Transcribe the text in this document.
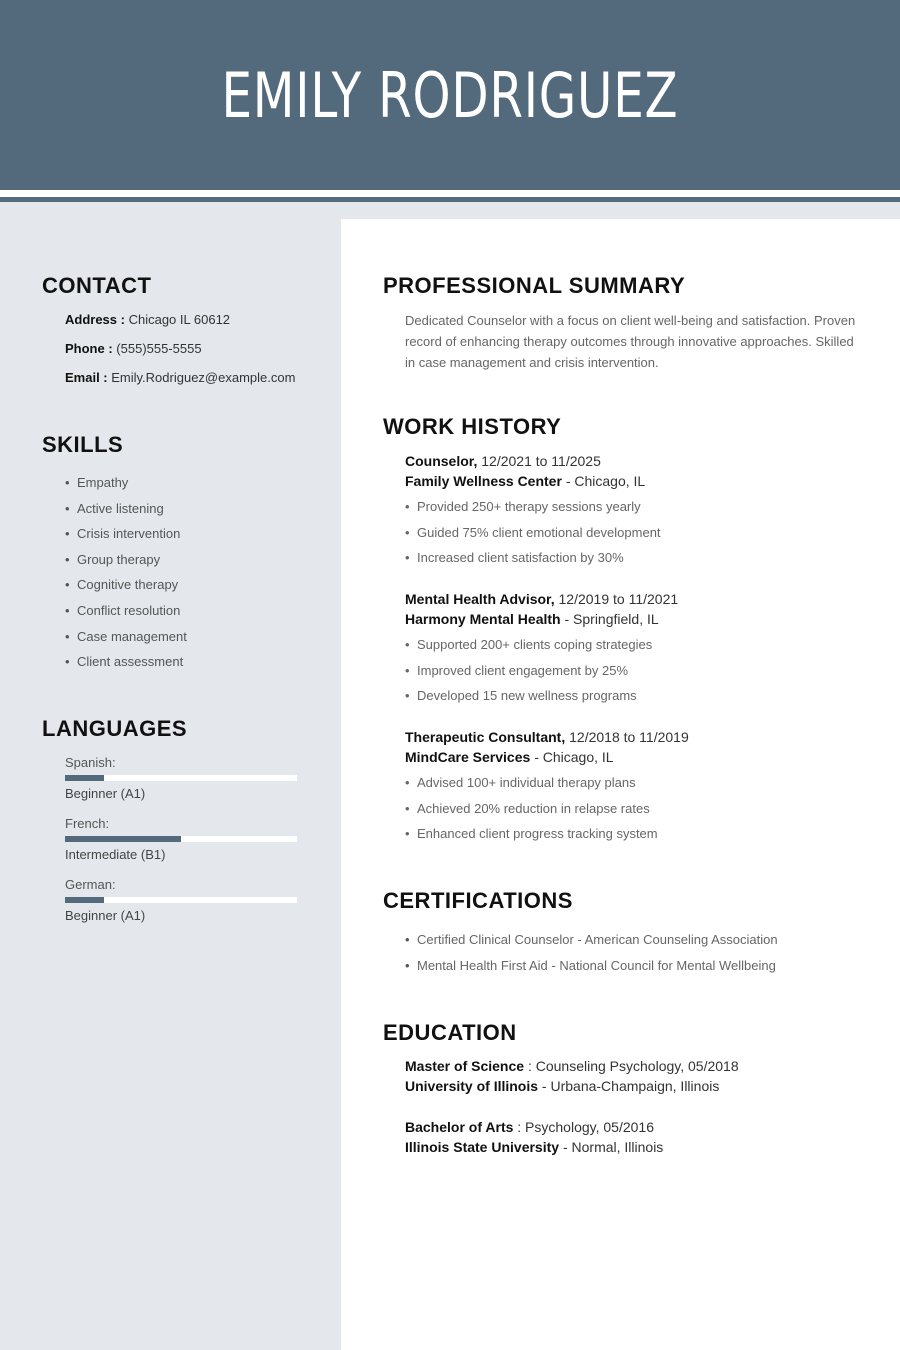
EMILY RODRIGUEZ
CONTACT
Address : Chicago IL 60612
Phone : (555)555-5555
Email : Emily.Rodriguez@example.com
SKILLS
• Empathy
• Active listening
• Crisis intervention
• Group therapy
• Cognitive therapy
• Conflict resolution
• Case management
• Client assessment
LANGUAGES
Spanish:
Beginner (A1)
French:
Intermediate (B1)
German:
Beginner (A1)
PROFESSIONAL SUMMARY

Dedicated Counselor with a focus on client well-being and satisfaction. Proven record of enhancing therapy outcomes through innovative approaches. Skilled in case management and crisis intervention.

WORK HISTORY
Counselor, 12/2021 to 11/2025
Family Wellness Center - Chicago, IL
• Provided 250+ therapy sessions yearly
• Guided 75% client emotional development
• Increased client satisfaction by 30%
Mental Health Advisor, 12/2019 to 11/2021
Harmony Mental Health - Springfield, IL
• Supported 200+ clients coping strategies
• Improved client engagement by 25%
• Developed 15 new wellness programs
Therapeutic Consultant, 12/2018 to 11/2019
MindCare Services - Chicago, IL
• Advised 100+ individual therapy plans
• Achieved 20% reduction in relapse rates
• Enhanced client progress tracking system
CERTIFICATIONS
• Certified Clinical Counselor - American Counseling Association
• Mental Health First Aid - National Council for Mental Wellbeing
EDUCATION
Master of Science : Counseling Psychology, 05/2018
University of Illinois - Urbana-Champaign, Illinois
Bachelor of Arts : Psychology, 05/2016
Illinois State University - Normal, Illinois
